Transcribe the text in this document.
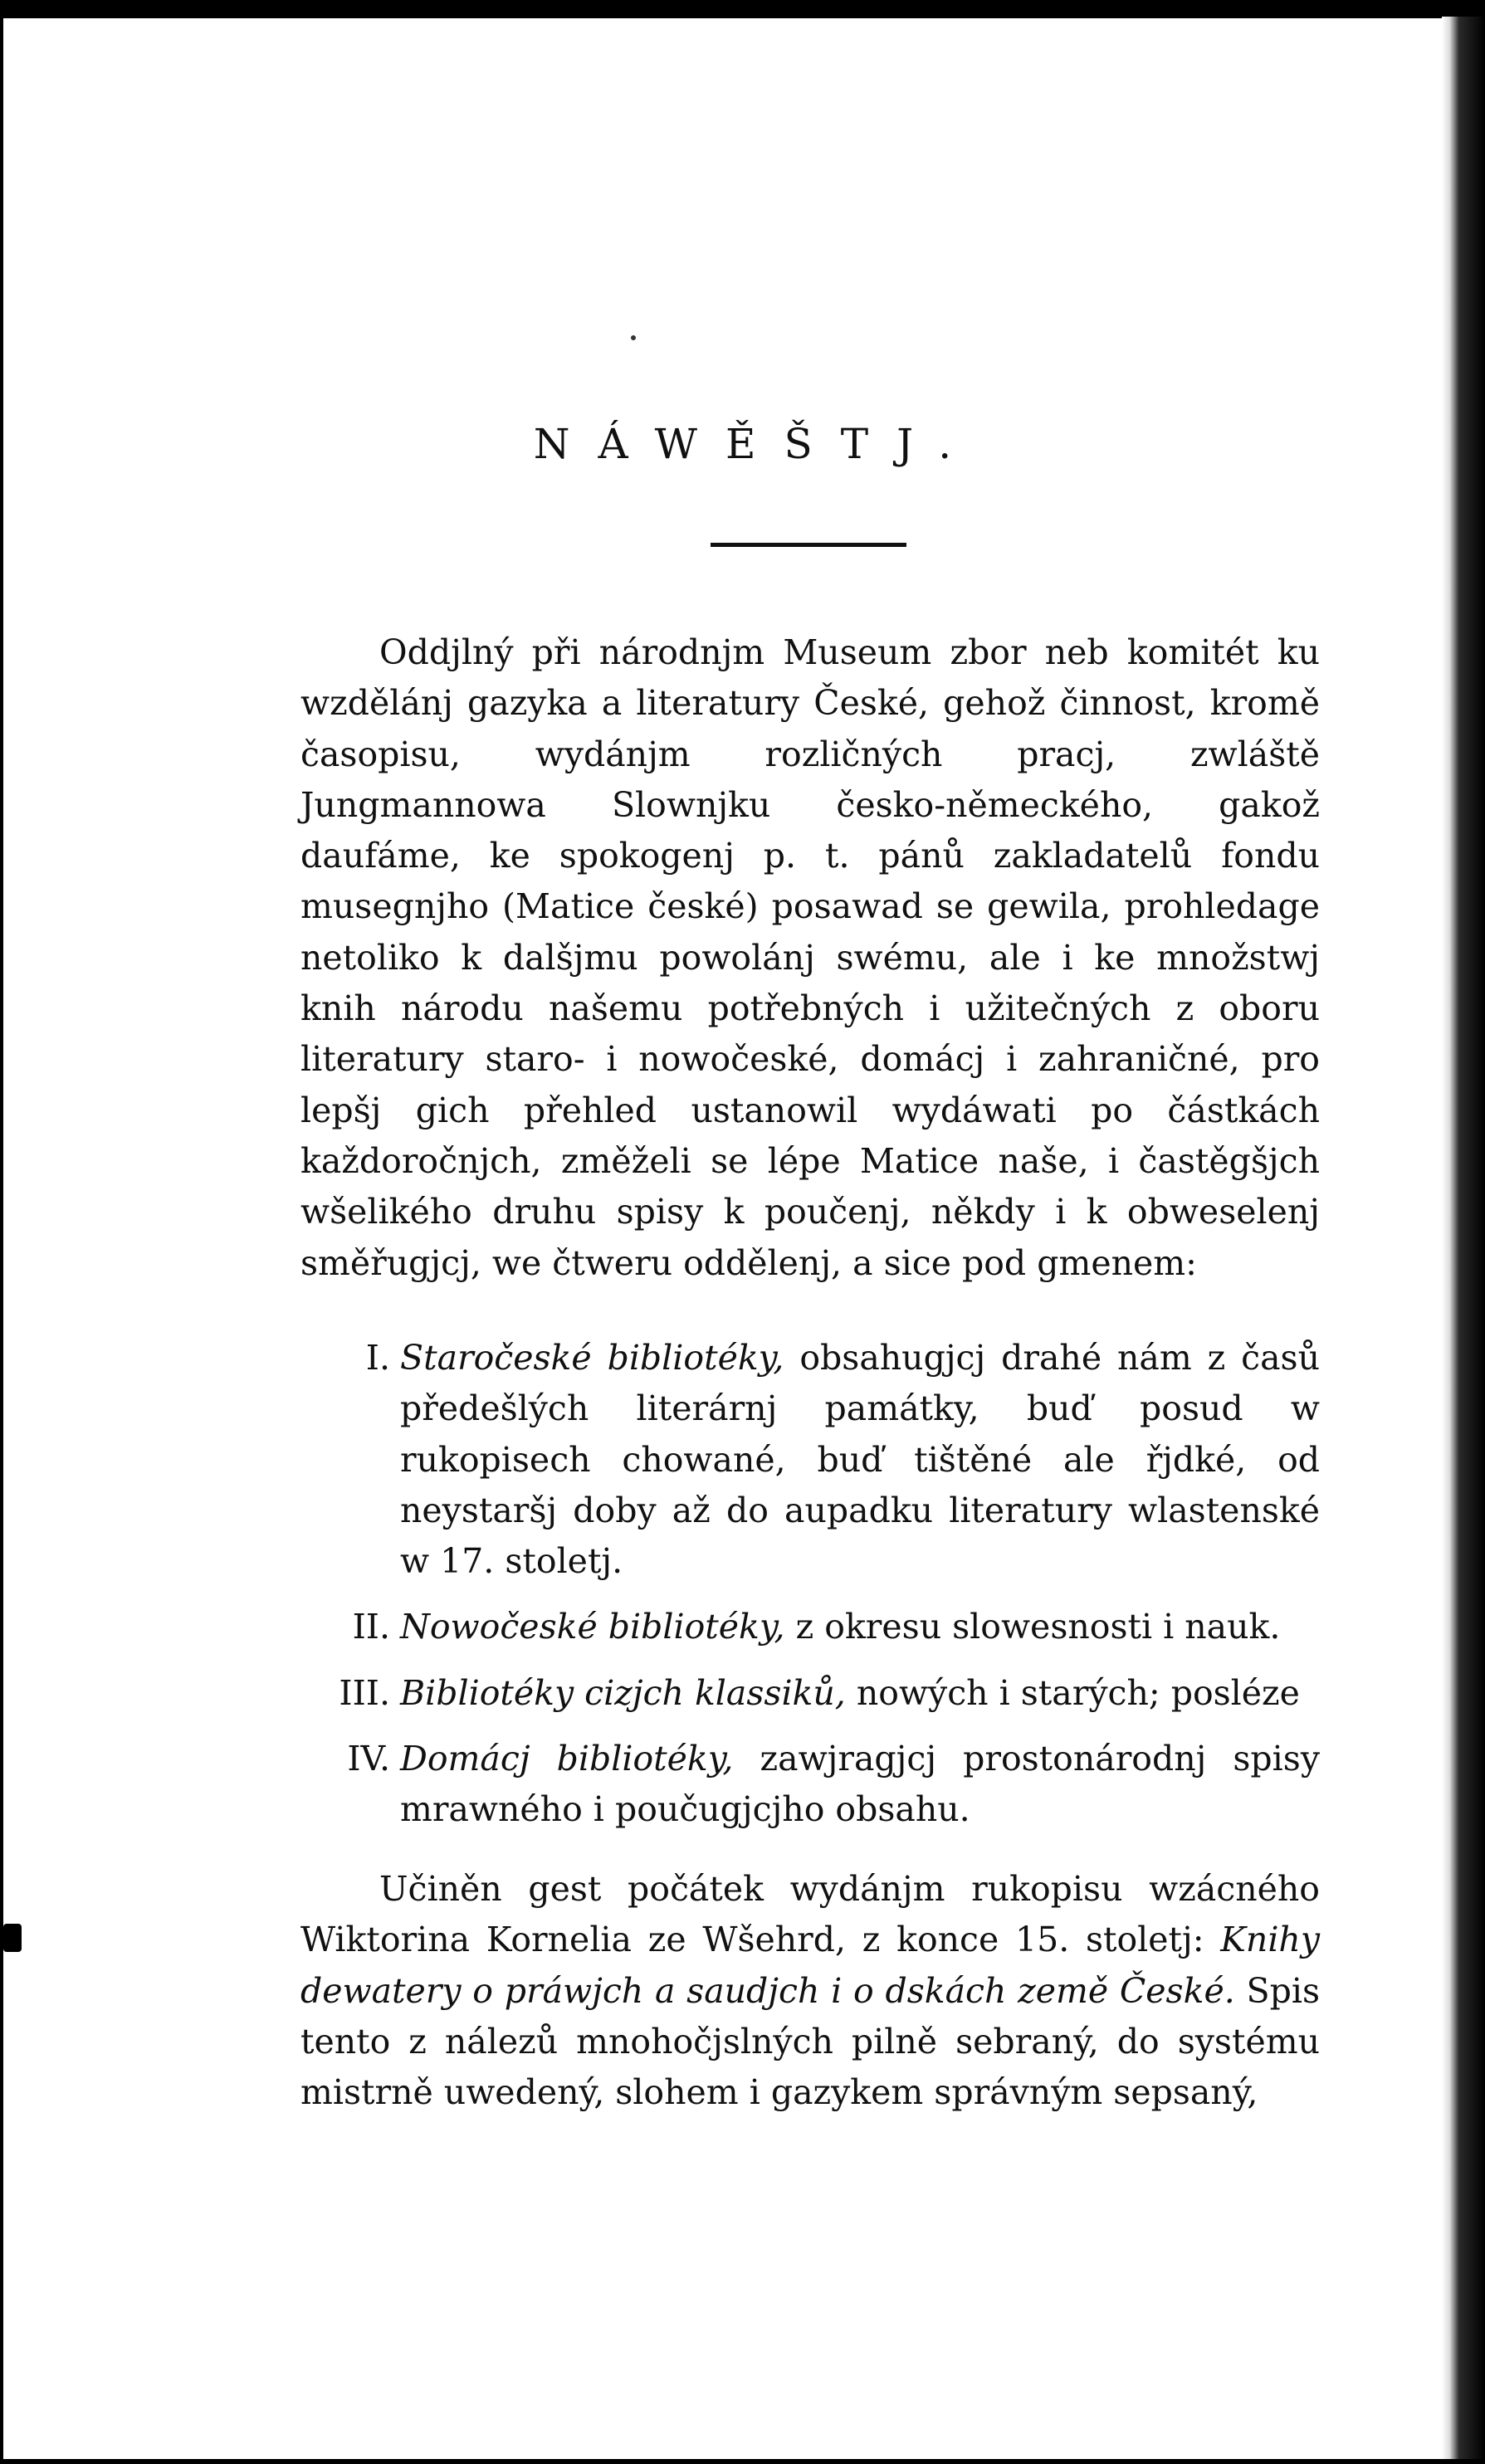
NÁWĚŠTJ.

Oddjlný při národnjm Museum zbor neb komitét ku wzdělánj gazyka a literatury České, gehož činnost, kromě časopisu, wydánjm rozličných pracj, zwláště Jungmannowa Slownjku česko-německého, gakož daufáme, ke spokogenj p. t. pánů zakladatelů fondu musegnjho (Matice české) posawad se gewila, prohledage netoliko k dalšjmu powolánj swému, ale i ke množstwj knih národu našemu potřebných i užitečných z oboru literatury staro- i nowočeské, domácj i zahraničné, pro lepšj gich přehled ustanowil wydáwati po částkách každoročnjch, změželi se lépe Matice naše, i častěgšjch wšelikého druhu spisy k poučenj, někdy i k obweselenj směřugjcj, we čtweru oddělenj, a sice pod gmenem:

I. Staročeské bibliotéky, obsahugjcj drahé nám z časů předešlých literárnj památky, buď posud w rukopisech chowané, buď tištěné ale řjdké, od neystaršj doby až do aupadku literatury wlastenské w 17. stoletj.
II. Nowočeské bibliotéky, z okresu slowesnosti i nauk.
III. Bibliotéky cizjch klassiků, nowých i starých; posléze
IV. Domácj bibliotéky, zawjragjcj prostonárodnj spisy mrawného i poučugjcjho obsahu.

Učiněn gest počátek wydánjm rukopisu wzácného Wiktorina Kornelia ze Wšehrd, z konce 15. stoletj: Knihy dewatery o práwjch a saudjch i o dskách země České. Spis tento z nálezů mnohočjslných pilně sebraný, do systému mistrně uwedený, slohem i gazykem správným sepsaný,
